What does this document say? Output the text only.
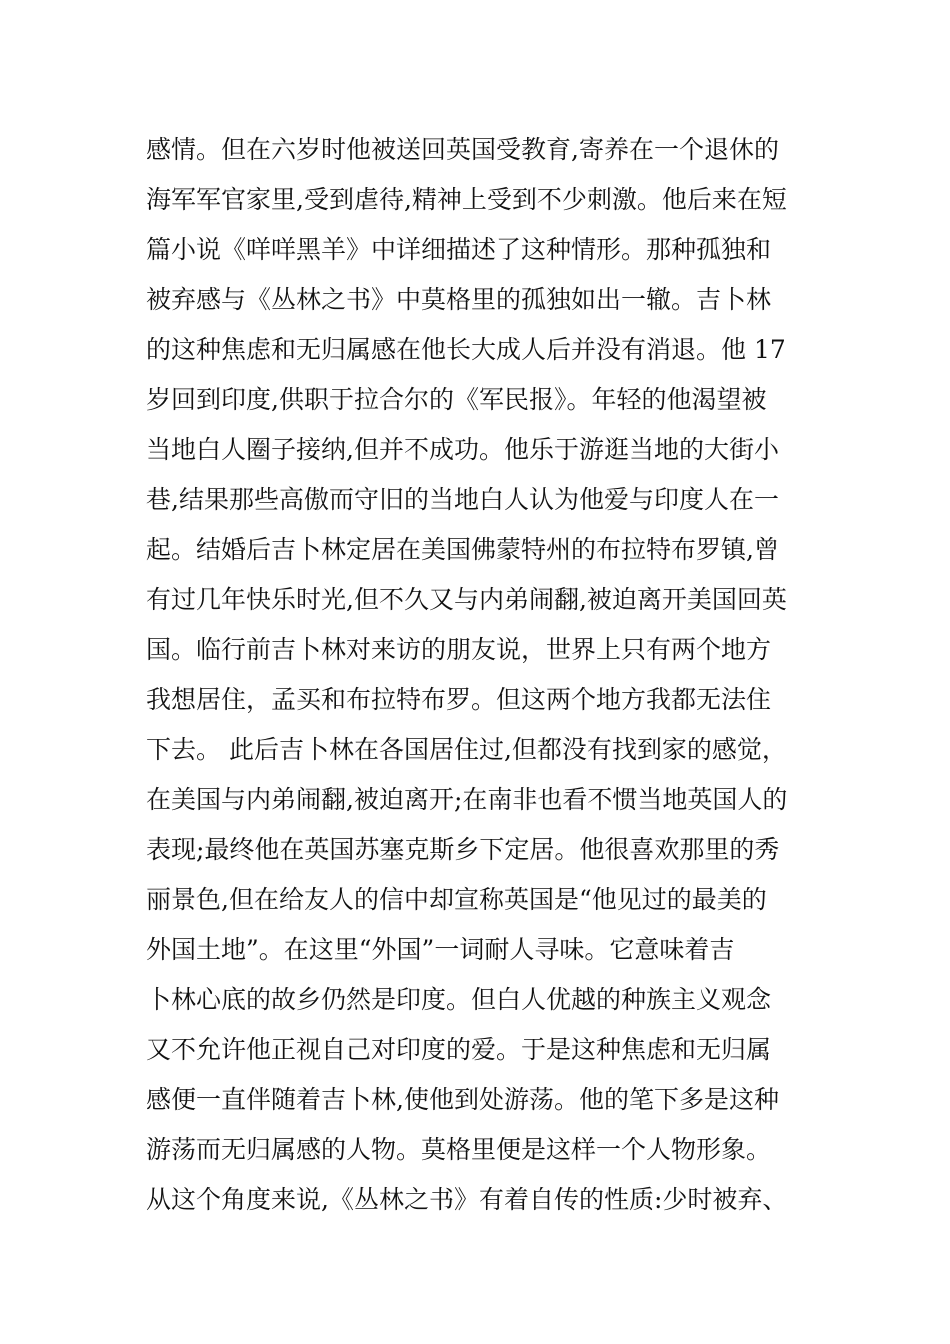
感情。但在六岁时他被送回英国受教育,寄养在一个退休的
海军军官家里,受到虐待,精神上受到不少刺激。他后来在短
篇小说《咩咩黑羊》中详细描述了这种情形。那种孤独和
被弃感与《丛林之书》中莫格里的孤独如出一辙。吉卜林
的这种焦虑和无归属感在他长大成人后并没有消退。他 17
岁回到印度,供职于拉合尔的《军民报》。年轻的他渴望被
当地白人圈子接纳,但并不成功。他乐于游逛当地的大街小
巷,结果那些高傲而守旧的当地白人认为他爱与印度人在一
起。结婚后吉卜林定居在美国佛蒙特州的布拉特布罗镇,曾
有过几年快乐时光,但不久又与内弟闹翻,被迫离开美国回英
国。临行前吉卜林对来访的朋友说，世界上只有两个地方
我想居住，孟买和布拉特布罗。但这两个地方我都无法住
下去。 此后吉卜林在各国居住过,但都没有找到家的感觉，
在美国与内弟闹翻,被迫离开;在南非也看不惯当地英国人的
表现;最终他在英国苏塞克斯乡下定居。他很喜欢那里的秀
丽景色,但在给友人的信中却宣称英国是“他见过的最美的
外国土地”。在这里“外国”一词耐人寻味。它意味着吉
卜林心底的故乡仍然是印度。但白人优越的种族主义观念
又不允许他正视自己对印度的爱。于是这种焦虑和无归属
感便一直伴随着吉卜林,使他到处游荡。他的笔下多是这种
游荡而无归属感的人物。莫格里便是这样一个人物形象。
从这个角度来说,《丛林之书》有着自传的性质:少时被弃、
